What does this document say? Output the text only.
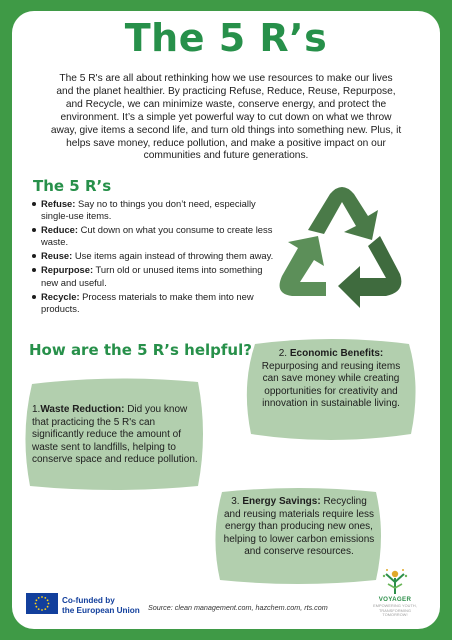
The 5 R’s
The 5 R's are all about rethinking how we use resources to make our lives and the planet healthier. By practicing Refuse, Reduce, Reuse, Repurpose, and Recycle, we can minimize waste, conserve energy, and protect the environment. It’s a simple yet powerful way to cut down on what we throw away, give items a second life, and turn old things into something new. Plus, it helps save money, reduce pollution, and make a positive impact on our communities and future generations.
The 5 R’s
Refuse: Say no to things you don’t need, especially single-use items.
Reduce: Cut down on what you consume to create less waste.
Reuse: Use items again instead of throwing them away.
Repurpose: Turn old or unused items into something new and useful.
Recycle: Process materials to make them into new products.
How are the 5 R’s helpful?	2. Economic Benefits:
Repurposing and reusing items can save money while creating opportunities for creativity and innovation in sustainable living.
1.Waste Reduction: Did you know that practicing the 5 R's can significantly reduce the amount of waste sent to landfills, helping to conserve space and reduce pollution.
3. Energy Savings: Recycling and reusing materials require less energy than producing new ones, helping to lower carbon emissions and conserve resources.
Co-funded by
the European Union Source: clean management.com, hazchem.com, rts.com
VOYAGER
EMPOWERING YOUTH,
TRANSFORMING
TOMORROW!
